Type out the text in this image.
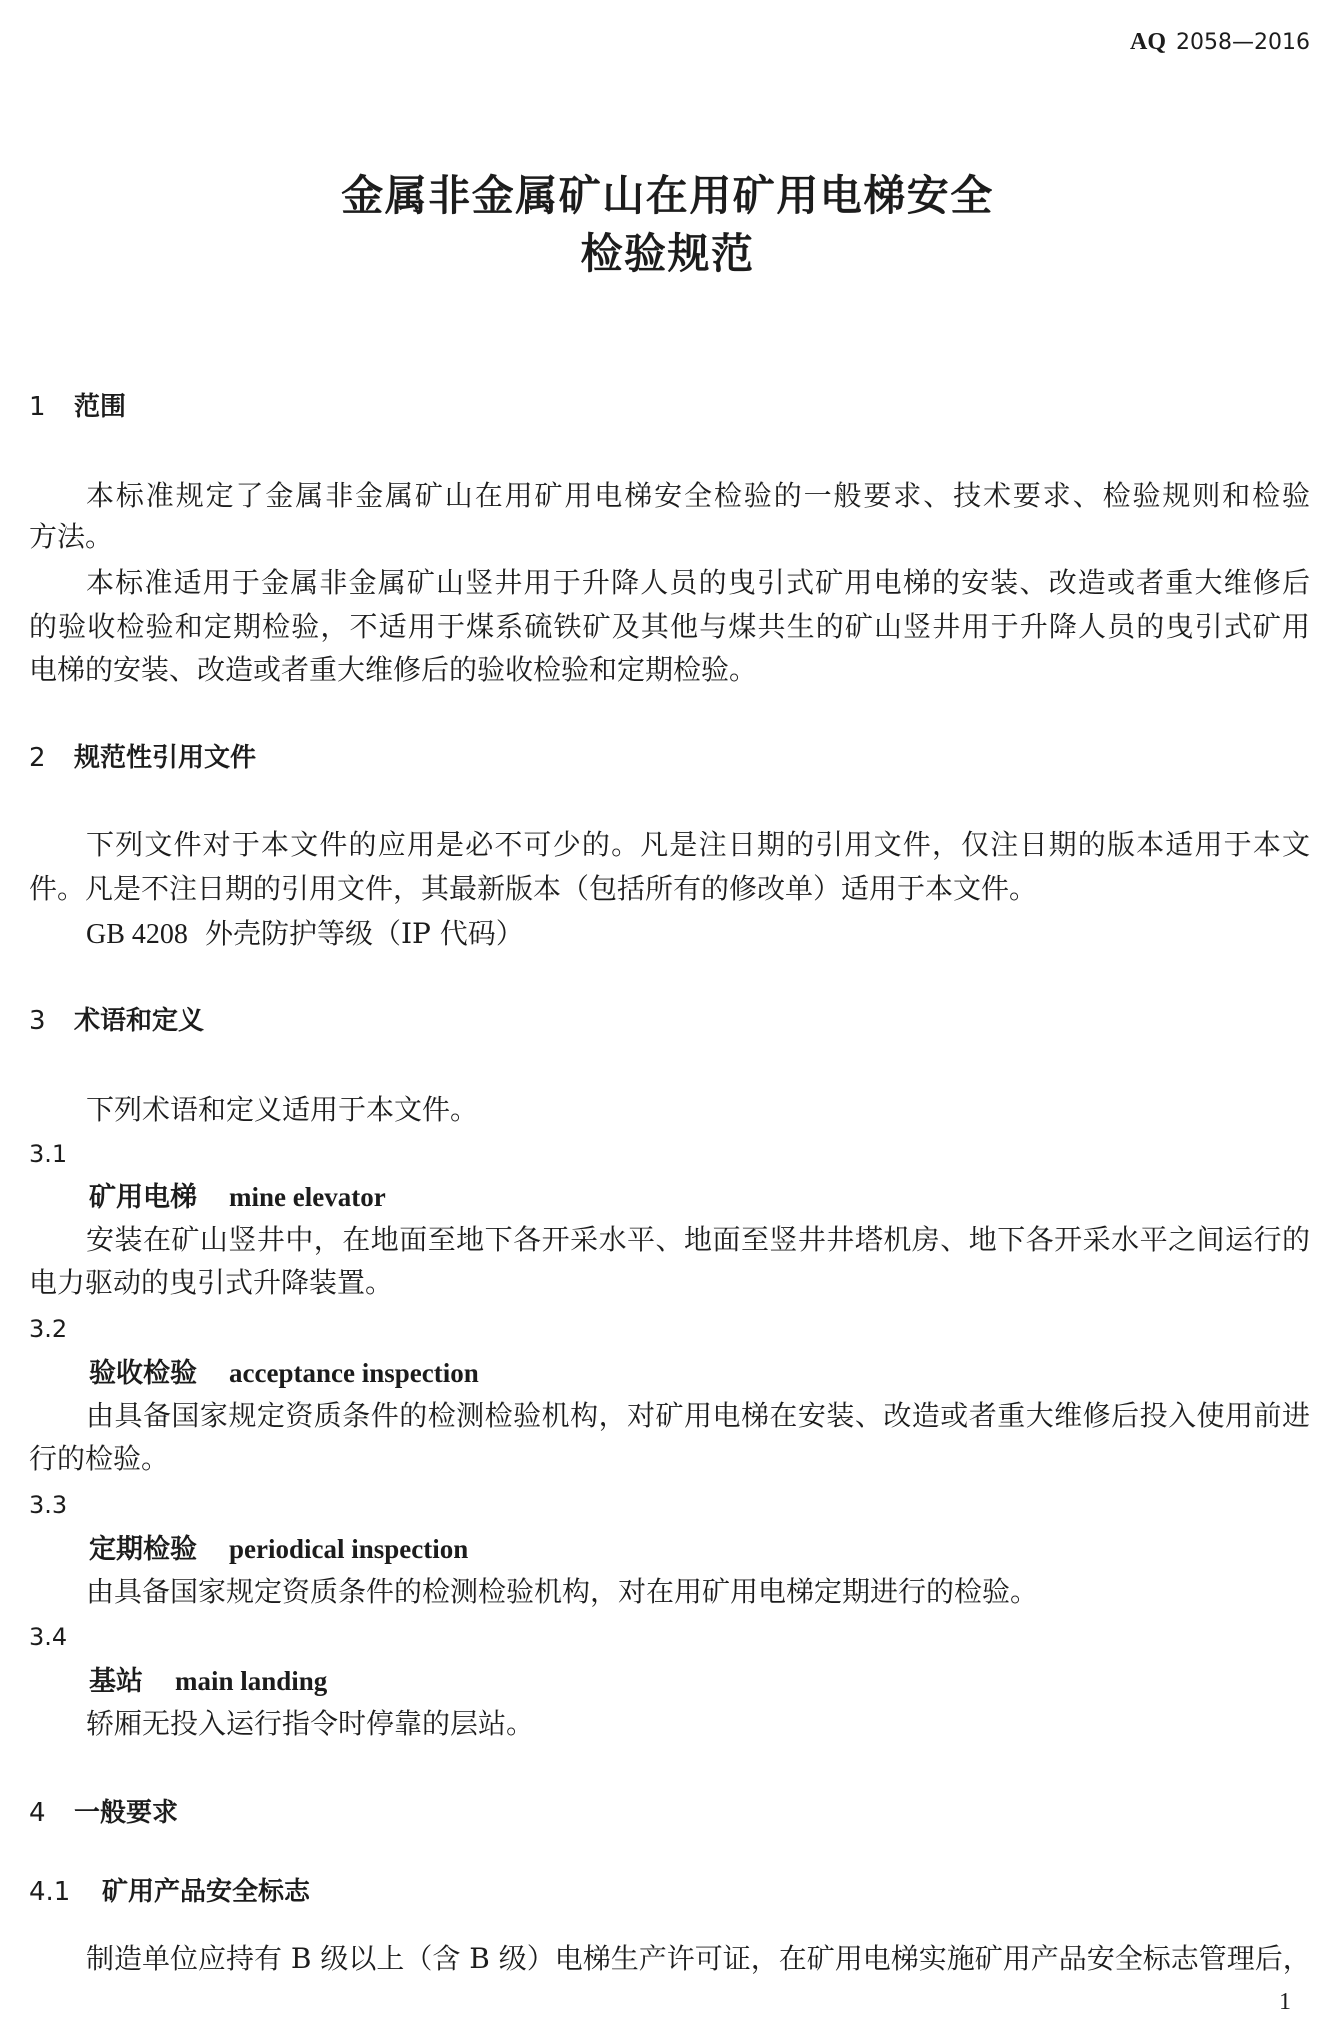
AQ 2058—2016
金属非金属矿山在用矿用电梯安全
检验规范
1 范围
本标准规定了金属非金属矿山在用矿用电梯安全检验的一般要求、技术要求、检验规则和检验
方法。
本标准适用于金属非金属矿山竖井用于升降人员的曳引式矿用电梯的安装、改造或者重大维修后
的验收检验和定期检验，不适用于煤系硫铁矿及其他与煤共生的矿山竖井用于升降人员的曳引式矿用
电梯的安装、改造或者重大维修后的验收检验和定期检验。
2 规范性引用文件
下列文件对于本文件的应用是必不可少的。凡是注日期的引用文件，仅注日期的版本适用于本文
件。凡是不注日期的引用文件，其最新版本（包括所有的修改单）适用于本文件。
GB 4208 外壳防护等级（IP 代码）
3 术语和定义
下列术语和定义适用于本文件。
3.1
矿用电梯 mine elevator
安装在矿山竖井中，在地面至地下各开采水平、地面至竖井井塔机房、地下各开采水平之间运行的
电力驱动的曳引式升降装置。
3.2
验收检验 acceptance inspection
由具备国家规定资质条件的检测检验机构，对矿用电梯在安装、改造或者重大维修后投入使用前进
行的检验。
3.3
定期检验 periodical inspection
由具备国家规定资质条件的检测检验机构，对在用矿用电梯定期进行的检验。
3.4
基站 main landing
轿厢无投入运行指令时停靠的层站。
4 一般要求
4.1 矿用产品安全标志
制造单位应持有 B 级以上（含 B 级）电梯生产许可证，在矿用电梯实施矿用产品安全标志管理后，
1
